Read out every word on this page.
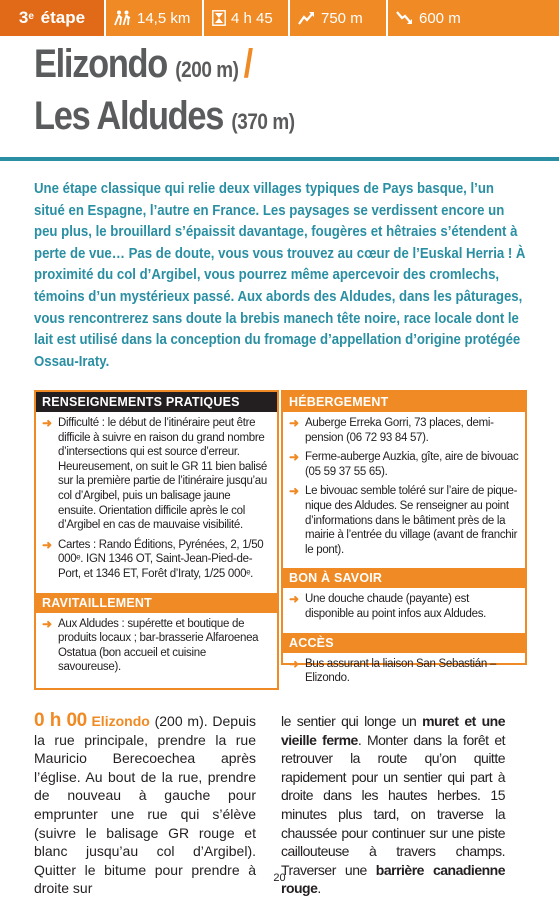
3e
étape	14,5 km	4 h 45	750 m	600 m
Elizondo (200 m) /
Les Aldudes (370 m)

Une étape classique qui relie deux villages typiques de Pays basque, l’un situé en Espagne, l’autre en France. Les paysages se verdissent encore un peu plus, le brouillard s’épaissit davantage, fougères et hêtraies s’étendent à perte de vue… Pas de doute, vous vous trouvez au cœur de l’Euskal Herria ! À proximité du col d’Argibel, vous pourrez même apercevoir des cromlechs, témoins d’un mystérieux passé. Aux abords des Aldudes, dans les pâturages, vous rencontrerez sans doute la brebis manech tête noire, race locale dont le lait est utilisé dans la conception du fromage d’appellation d’origine protégée Ossau-Iraty.

RENSEIGNEMENTS PRATIQUES
➜ Difficulté : le début de l’itinéraire peut être difficile à suivre en raison du grand nombre d’intersections qui est source d’erreur. Heureusement, on suit le GR 11 bien balisé sur la première partie de l’itinéraire jusqu’au col d’Argibel, puis un balisage jaune ensuite. Orientation difficile après le col d’Argibel en cas de mauvaise visibilité.
➜ Cartes : Rando Éditions, Pyrénées, 2, 1/50 000ᵉ. IGN 1346 OT, Saint-Jean-Pied-de-Port, et 1346 ET, Forêt d’Iraty, 1/25 000ᵉ.
RAVITAILLEMENT
➜ Aux Aldudes : supérette et boutique de produits locaux ; bar-brasserie Alfaroenea Ostatua (bon accueil et cuisine savoureuse).
HÉBERGEMENT
➜ Auberge Erreka Gorri, 73 places, demi-pension (06 72 93 84 57).
➜ Ferme-auberge Auzkia, gîte, aire de bivouac (05 59 37 55 65).
➜ Le bivouac semble toléré sur l’aire de pique-nique des Aldudes. Se renseigner au point d’informations dans le bâtiment près de la mairie à l’entrée du village (avant de franchir le pont).
BON À SAVOIR
➜ Une douche chaude (payante) est disponible au point infos aux Aldudes.
ACCÈS
➜ Bus assurant la liaison San Sebastián – Elizondo.

0 h 00 Elizondo (200 m). Depuis la rue principale, prendre la rue Mauricio Berecoechea après l’église. Au bout de la rue, prendre de nouveau à gauche pour emprunter une rue qui s’élève (suivre le balisage GR rouge et blanc jusqu’au col d’Argibel). Quitter le bitume pour prendre à droite sur

le sentier qui longe un muret et une vieille ferme. Monter dans la forêt et retrouver la route qu’on quitte rapidement pour un sentier qui part à droite dans les hautes herbes. 15 minutes plus tard, on traverse la chaussée pour continuer sur une piste caillouteuse à travers champs. Traverser une barrière canadienne rouge.

20
